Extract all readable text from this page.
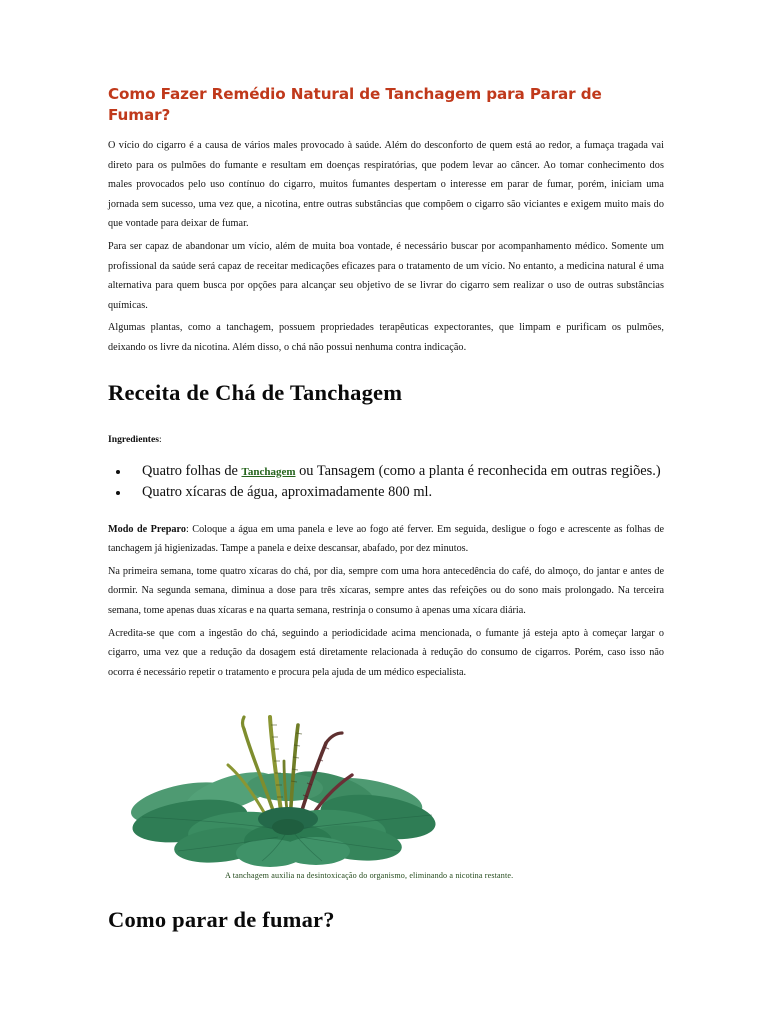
Como Fazer Remédio Natural de Tanchagem para Parar de Fumar?

O vício do cigarro é a causa de vários males provocado à saúde. Além do desconforto de quem está ao redor, a fumaça tragada vai direto para os pulmões do fumante e resultam em doenças respiratórias, que podem levar ao câncer. Ao tomar conhecimento dos males provocados pelo uso contínuo do cigarro, muitos fumantes despertam o interesse em parar de fumar, porém, iniciam uma jornada sem sucesso, uma vez que, a nicotina, entre outras substâncias que compõem o cigarro são viciantes e exigem muito mais do que vontade para deixar de fumar.

Para ser capaz de abandonar um vício, além de muita boa vontade, é necessário buscar por acompanhamento médico. Somente um profissional da saúde será capaz de receitar medicações eficazes para o tratamento de um vício. No entanto, a medicina natural é uma alternativa para quem busca por opções para alcançar seu objetivo de se livrar do cigarro sem realizar o uso de outras substâncias químicas.

Algumas plantas, como a tanchagem, possuem propriedades terapêuticas expectorantes, que limpam e purificam os pulmões, deixando os livre da nicotina. Além disso, o chá não possui nenhuma contra indicação.

Receita de Chá de Tanchagem
Ingredientes:
• Quatro folhas de Tanchagem ou Tansagem (como a planta é reconhecida em outras regiões.)
• Quatro xícaras de água, aproximadamente 800 ml.

Modo de Preparo: Coloque a água em uma panela e leve ao fogo até ferver. Em seguida, desligue o fogo e acrescente as folhas de tanchagem já higienizadas. Tampe a panela e deixe descansar, abafado, por dez minutos.

Na primeira semana, tome quatro xícaras do chá, por dia, sempre com uma hora antecedência do café, do almoço, do jantar e antes de dormir. Na segunda semana, diminua a dose para três xícaras, sempre antes das refeições ou do sono mais prolongado. Na terceira semana, tome apenas duas xícaras e na quarta semana, restrinja o consumo à apenas uma xícara diária.

Acredita-se que com a ingestão do chá, seguindo a periodicidade acima mencionada, o fumante já esteja apto à começar largar o cigarro, uma vez que a redução da dosagem está diretamente relacionada à redução do consumo de cigarros. Porém, caso isso não ocorra é necessário repetir o tratamento e procura pela ajuda de um médico especialista.

A tanchagem auxilia na desintoxicação do organismo, eliminando a nicotina restante.
Como parar de fumar?
